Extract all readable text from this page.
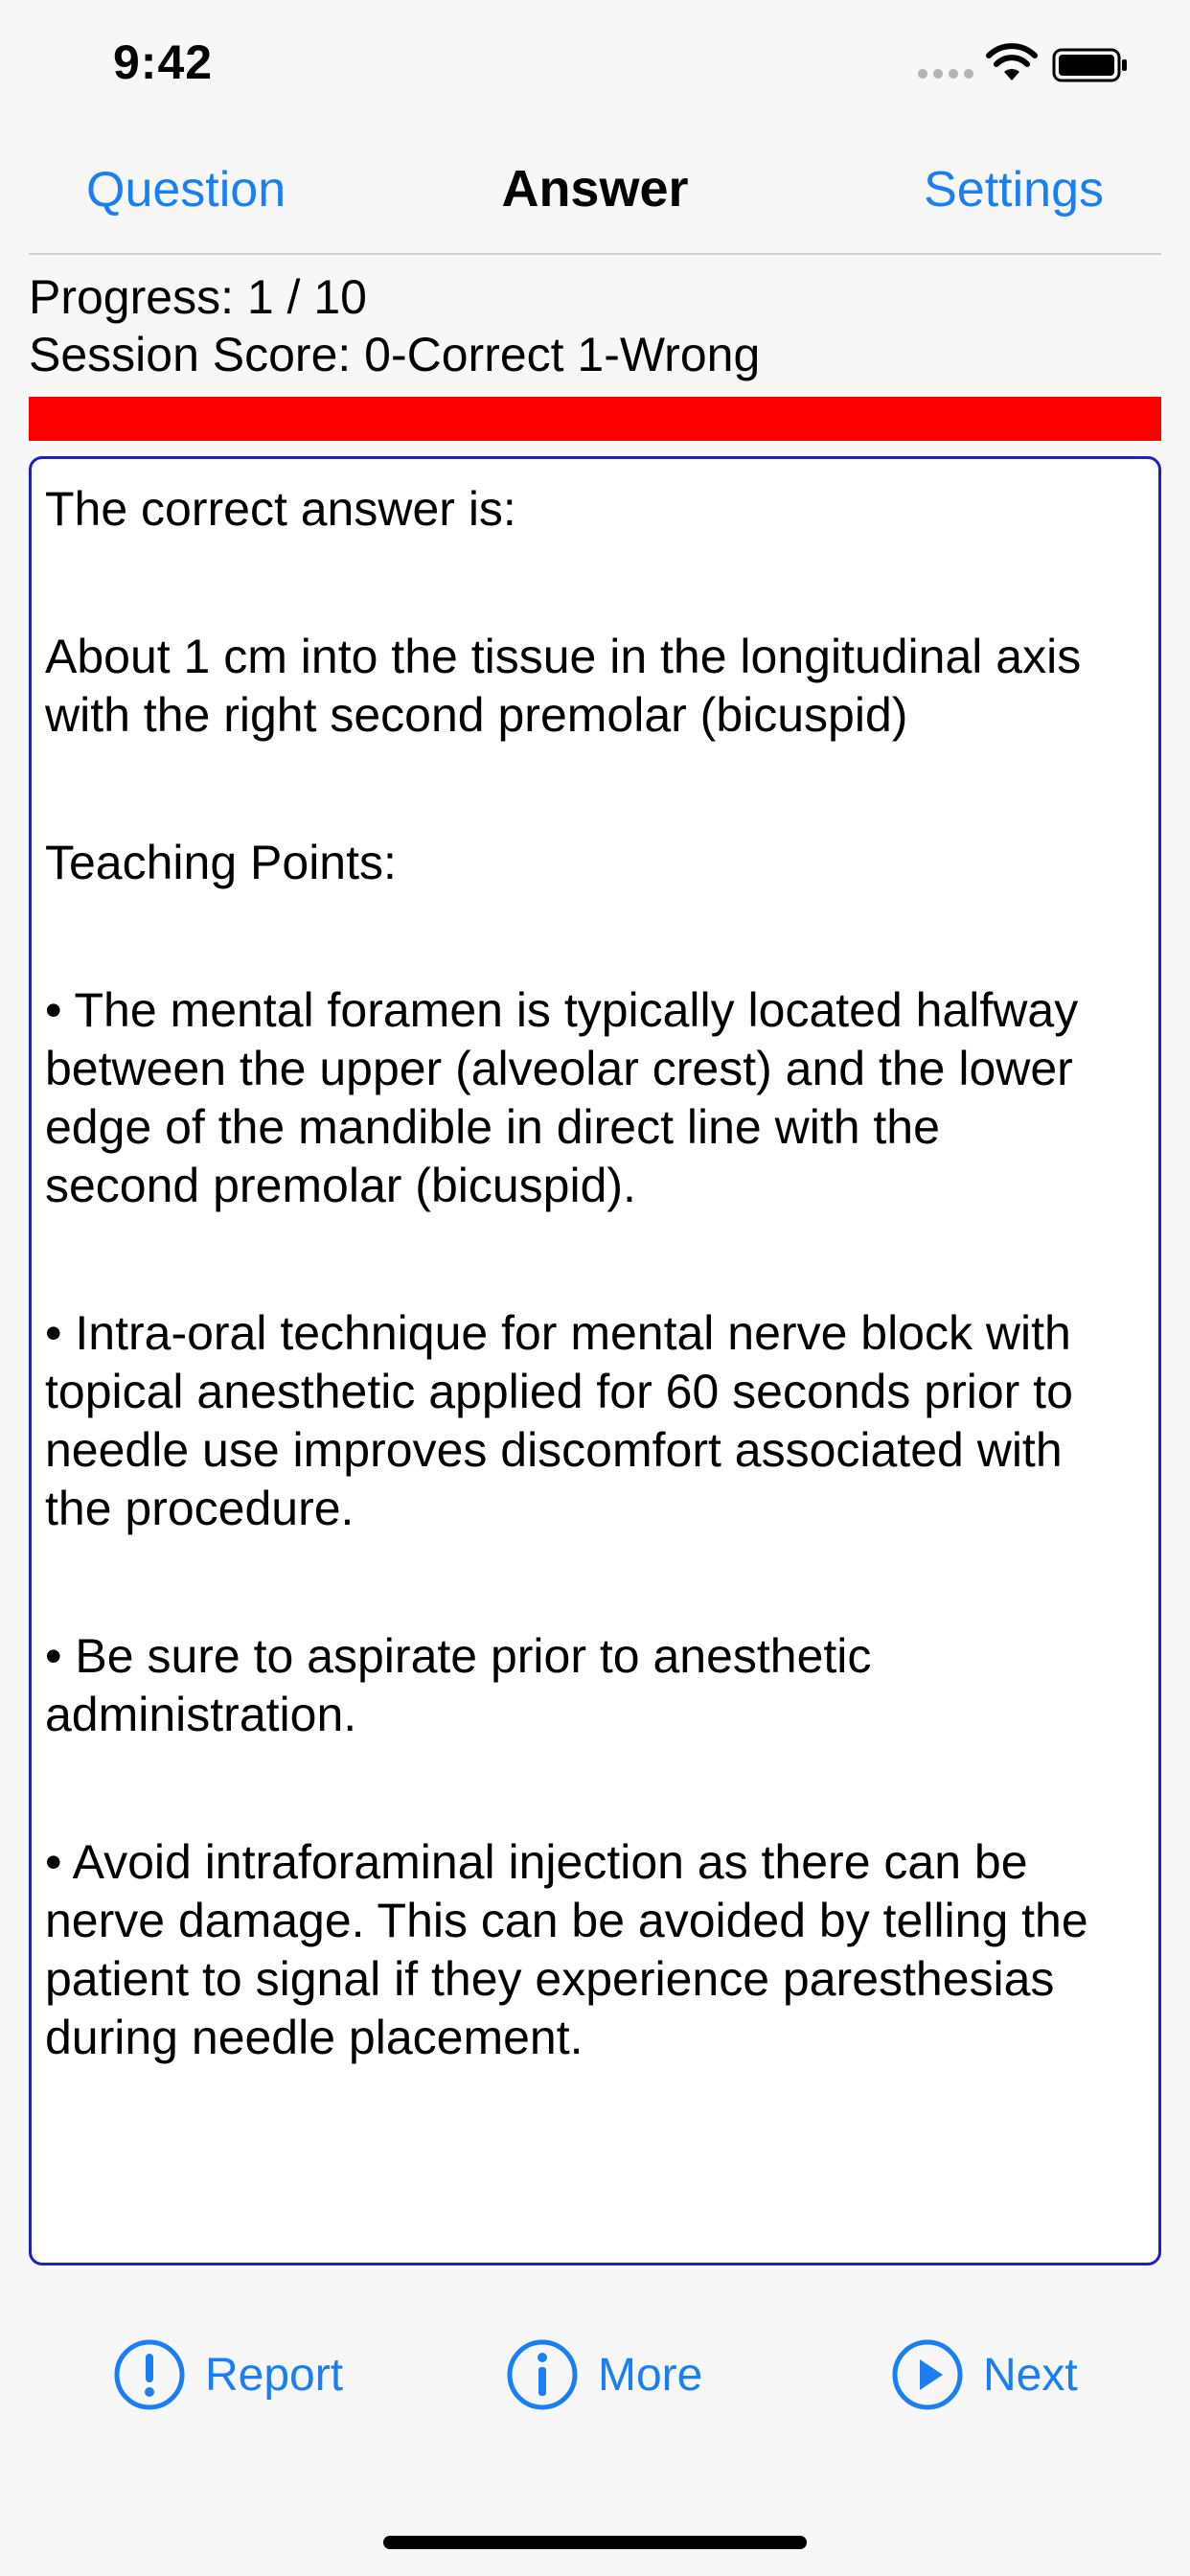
9:42
Question	Answer	Settings
Progress: 1 / 10
Session Score: 0-Correct 1-Wrong

The correct answer is:

About 1 cm into the tissue in the longitudinal axis

with the right second premolar (bicuspid)

Teaching Points:

• The mental foramen is typically located halfway

between the upper (alveolar crest) and the lower

edge of the mandible in direct line with the

second premolar (bicuspid).

• Intra-oral technique for mental nerve block with

topical anesthetic applied for 60 seconds prior to

needle use improves discomfort associated with

the procedure.

• Be sure to aspirate prior to anesthetic

administration.

• Avoid intraforaminal injection as there can be

nerve damage. This can be avoided by telling the

patient to signal if they experience paresthesias

during needle placement.

Report	More	Next
